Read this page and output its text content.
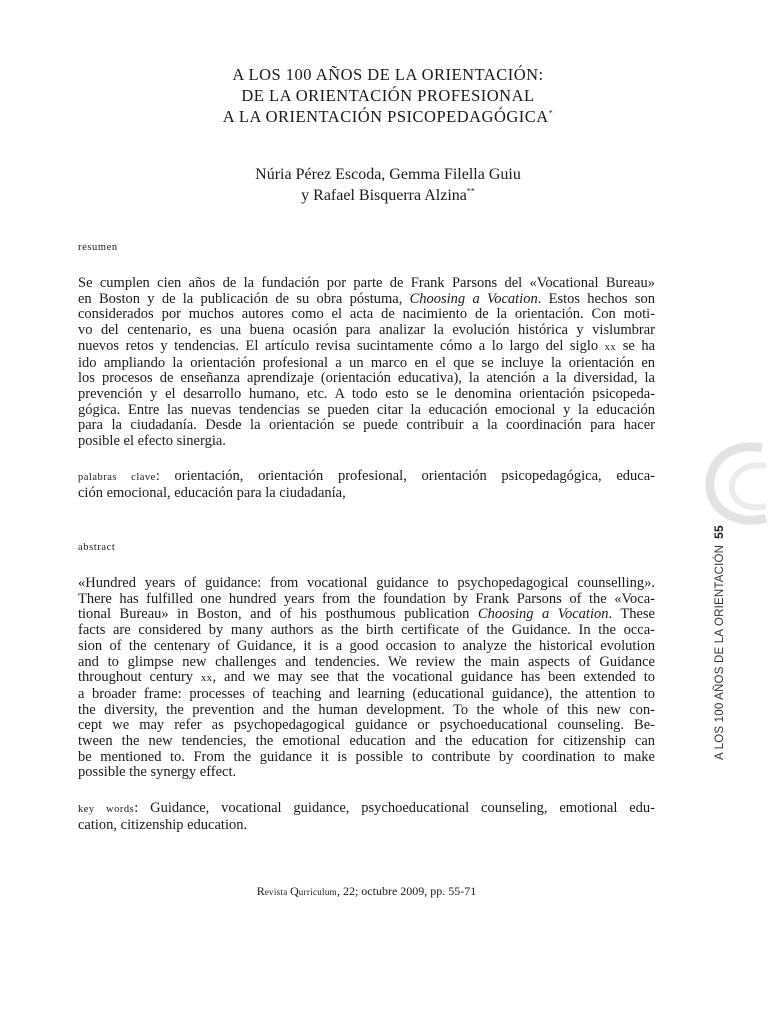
A LOS 100 AÑOS DE LA ORIENTACIÓN:
DE LA ORIENTACIÓN PROFESIONAL
A LA ORIENTACIÓN PSICOPEDAGÓGICA*
Núria Pérez Escoda, Gemma Filella Guiu
y Rafael Bisquerra Alzina**
resumen
Se cumplen cien años de la fundación por parte de Frank Parsons del «Vocational Bureau»
en Boston y de la publicación de su obra póstuma, Choosing a Vocation. Estos hechos son
considerados por muchos autores como el acta de nacimiento de la orientación. Con moti-
vo del centenario, es una buena ocasión para analizar la evolución histórica y vislumbrar
nuevos retos y tendencias. El artículo revisa sucintamente cómo a lo largo del siglo xx se ha
ido ampliando la orientación profesional a un marco en el que se incluye la orientación en
los procesos de enseñanza aprendizaje (orientación educativa), la atención a la diversidad, la
prevención y el desarrollo humano, etc. A todo esto se le denomina orientación psicopeda-
gógica. Entre las nuevas tendencias se pueden citar la educación emocional y la educación
para la ciudadanía. Desde la orientación se puede contribuir a la coordinación para hacer
posible el efecto sinergia.
palabras clave: orientación, orientación profesional, orientación psicopedagógica, educa-
ción emocional, educación para la ciudadanía,
abstract
«Hundred years of guidance: from vocational guidance to psychopedagogical counselling».
There has fulfilled one hundred years from the foundation by Frank Parsons of the «Voca-
tional Bureau» in Boston, and of his posthumous publication Choosing a Vocation. These
facts are considered by many authors as the birth certificate of the Guidance. In the occa-
sion of the centenary of Guidance, it is a good occasion to analyze the historical evolution
and to glimpse new challenges and tendencies. We review the main aspects of Guidance
throughout century xx, and we may see that the vocational guidance has been extended to
a broader frame: processes of teaching and learning (educational guidance), the attention to
the diversity, the prevention and the human development. To the whole of this new con-
cept we may refer as psychopedagogical guidance or psychoeducational counseling. Be-
tween the new tendencies, the emotional education and the education for citizenship can
be mentioned to. From the guidance it is possible to contribute by coordination to make
possible the synergy effect.
key words: Guidance, vocational guidance, psychoeducational counseling, emotional edu-
cation, citizenship education.
Revista Qurriculum, 22; octubre 2009, pp. 55-71
A LOS 100 AÑOS DE LA ORIENTACIÓN55
